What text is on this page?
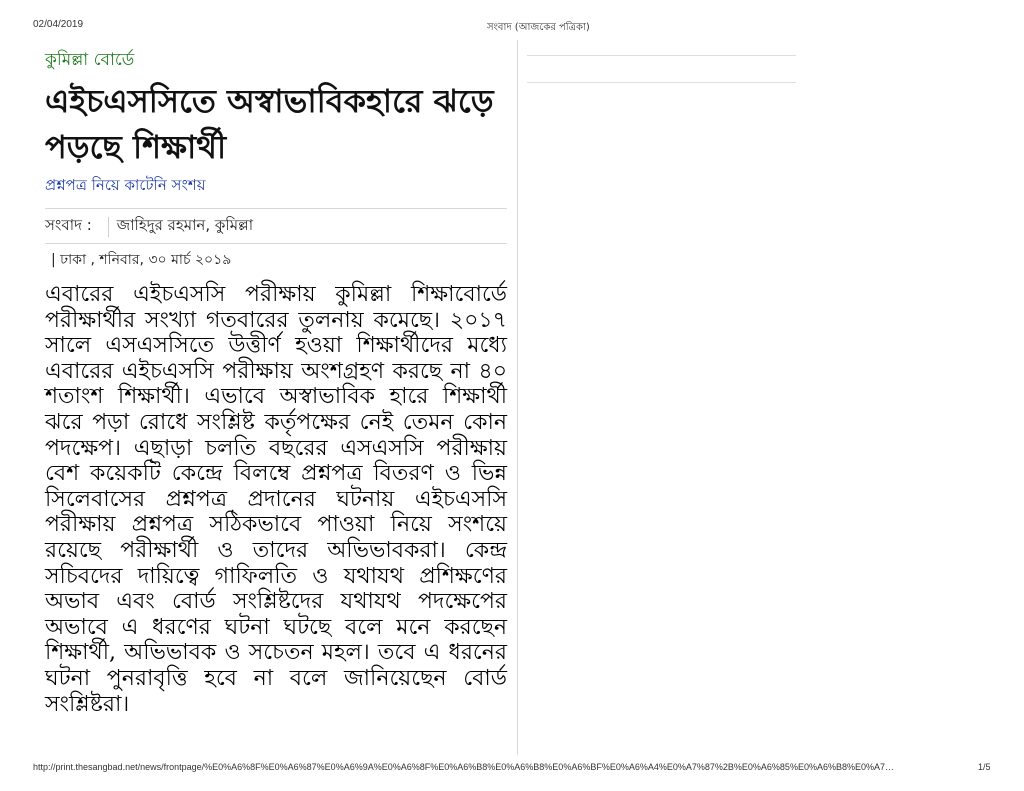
02/04/2019	সংবাদ (আজকের পত্রিকা)

কুমিল্লা বোর্ডে

এইচএসসিতে অস্বাভাবিকহারে ঝড়ে পড়ছে শিক্ষার্থী

প্রশ্নপত্র নিয়ে কাটেনি সংশয়

সংবাদ :	জাহিদুর রহমান, কুমিল্লা
| ঢাকা , শনিবার, ৩০ মার্চ ২০১৯

এবারের এইচএসসি পরীক্ষায় কুমিল্লা শিক্ষাবোর্ডে পরীক্ষার্থীর সংখ্যা গতবারের তুলনায় কমেছে। ২০১৭ সালে এসএসসিতে উত্তীর্ণ হওয়া শিক্ষার্থীদের মধ্যে এবারের এইচএসসি পরীক্ষায় অংশগ্রহণ করছে না ৪০ শতাংশ শিক্ষার্থী। এভাবে অস্বাভাবিক হারে শিক্ষার্থী ঝরে পড়া রোধে সংশ্লিষ্ট কর্তৃপক্ষের নেই তেমন কোন পদক্ষেপ। এছাড়া চলতি বছরের এসএসসি পরীক্ষায় বেশ কয়েকটি কেন্দ্রে বিলম্বে প্রশ্নপত্র বিতরণ ও ভিন্ন সিলেবাসের প্রশ্নপত্র প্রদানের ঘটনায় এইচএসসি পরীক্ষায় প্রশ্নপত্র সঠিকভাবে পাওয়া নিয়ে সংশয়ে রয়েছে পরীক্ষার্থী ও তাদের অভিভাবকরা। কেন্দ্র সচিবদের দায়িত্বে গাফিলতি ও যথাযথ প্রশিক্ষণের অভাব এবং বোর্ড সংশ্লিষ্টদের যথাযথ পদক্ষেপের অভাবে এ ধরণের ঘটনা ঘটছে বলে মনে করছেন শিক্ষার্থী, অভিভাবক ও সচেতন মহল। তবে এ ধরনের ঘটনা পুনরাবৃত্তি হবে না বলে জানিয়েছেন বোর্ড সংশ্লিষ্টরা।

http://print.thesangbad.net/news/frontpage/%E0%A6%8F%E0%A6%87%E0%A6%9A%E0%A6%8F%E0%A6%B8%E0%A6%B8%E0%A6%BF%E0%A6%A4%E0%A7%87%2B%E0%A6%85%E0%A6%B8%E0%A7…	1/5
